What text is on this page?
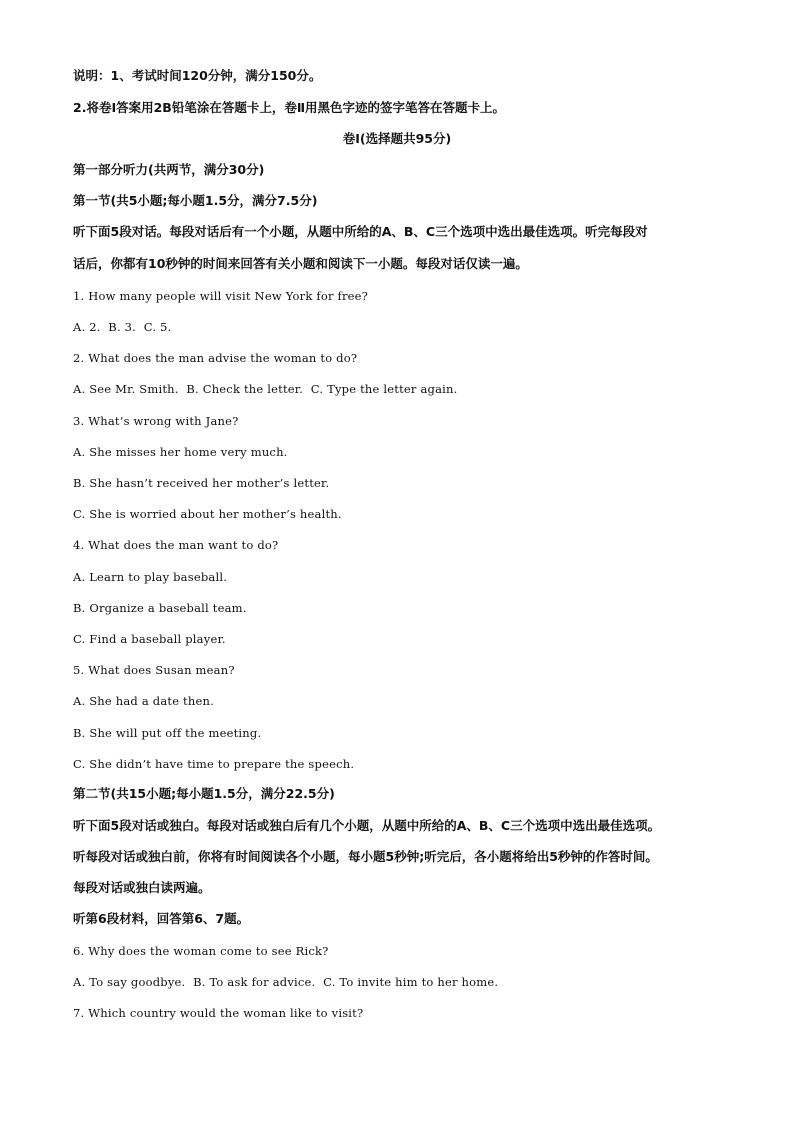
说明：1、考试时间120分钟，满分150分。
2.将卷Ⅰ答案用2B铅笔涂在答题卡上，卷Ⅱ用黑色字迹的签字笔答在答题卡上。
卷Ⅰ(选择题共95分)
第一部分听力(共两节，满分30分)
第一节(共5小题;每小题1.5分，满分7.5分)
听下面5段对话。每段对话后有一个小题，从题中所给的A、B、C三个选项中选出最佳选项。听完每段对
话后，你都有10秒钟的时间来回答有关小题和阅读下一小题。每段对话仅读一遍。
1. How many people will visit New York for free?
A. 2.  B. 3.  C. 5.
2. What does the man advise the woman to do?
A. See Mr. Smith.  B. Check the letter.  C. Type the letter again.
3. What’s wrong with Jane?
A. She misses her home very much.
B. She hasn’t received her mother’s letter.
C. She is worried about her mother’s health.
4. What does the man want to do?
A. Learn to play baseball.
B. Organize a baseball team.
C. Find a baseball player.
5. What does Susan mean?
A. She had a date then.
B. She will put off the meeting.
C. She didn’t have time to prepare the speech.
第二节(共15小题;每小题1.5分，满分22.5分)
听下面5段对话或独白。每段对话或独白后有几个小题，从题中所给的A、B、C三个选项中选出最佳选项。
听每段对话或独白前，你将有时间阅读各个小题，每小题5秒钟;听完后，各小题将给出5秒钟的作答时间。
每段对话或独白读两遍。
听第6段材料，回答第6、7题。
6. Why does the woman come to see Rick?
A. To say goodbye.  B. To ask for advice.  C. To invite him to her home.
7. Which country would the woman like to visit?
